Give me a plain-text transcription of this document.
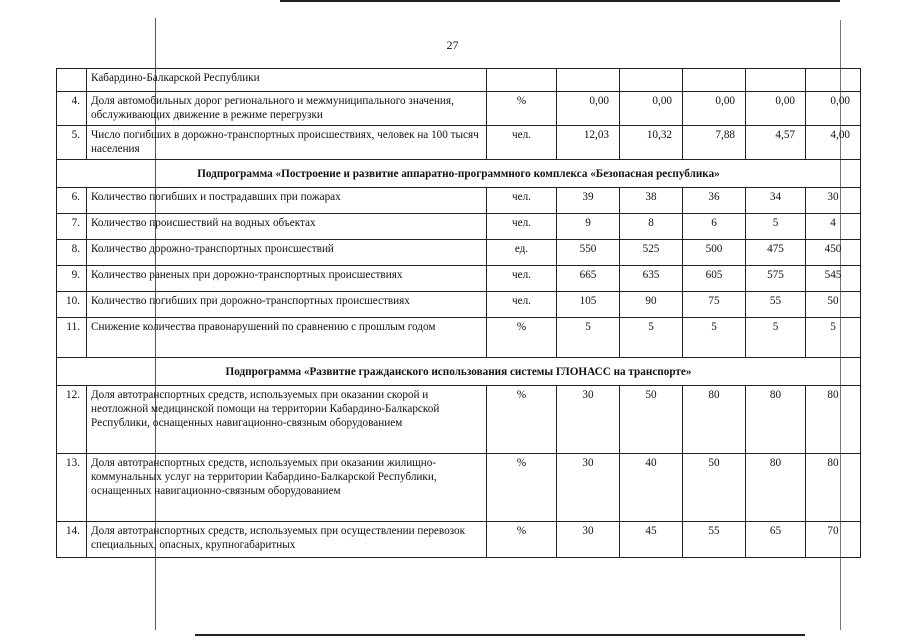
27
	Кабардино-Балкарской Республики						
4.	Доля автомобильных дорог регионального и межмуниципального значения, обслуживающих движение в режиме перегрузки	%	0,00	0,00	0,00	0,00	0,00
5.	Число погибших в дорожно-транспортных происшествиях, человек на 100 тысяч населения	чел.	12,03	10,32	7,88	4,57	4,00
Подпрограмма «Построение и развитие аппаратно-программного комплекса «Безопасная республика»							
6.	Количество погибших и пострадавших при пожарах	чел.	39	38	36	34	30
7.	Количество происшествий на водных объектах	чел.	9	8	6	5	4
8.	Количество дорожно-транспортных происшествий	ед.	550	525	500	475	450
9.	Количество раненых при дорожно-транспортных происшествиях	чел.	665	635	605	575	545
10.	Количество погибших при дорожно-транспортных происшествиях	чел.	105	90	75	55	50
11.	Снижение количества правонарушений по сравнению с прошлым годом	%	5	5	5	5	5
Подпрограмма «Развитие гражданского использования системы ГЛОНАСС на транспорте»							
12.	Доля автотранспортных средств, используемых при оказании скорой и неотложной медицинской помощи на территории Кабардино-Балкарской Республики, оснащенных навигационно-связным оборудованием	%	30	50	80	80	80
13.	Доля автотранспортных средств, используемых при оказании жилищно-коммунальных услуг на территории Кабардино-Балкарской Республики, оснащенных навигационно-связным оборудованием	%	30	40	50	80	80
14.	Доля автотранспортных средств, используемых при осуществлении перевозок специальных, опасных, крупногабаритных	%	30	45	55	65	70
